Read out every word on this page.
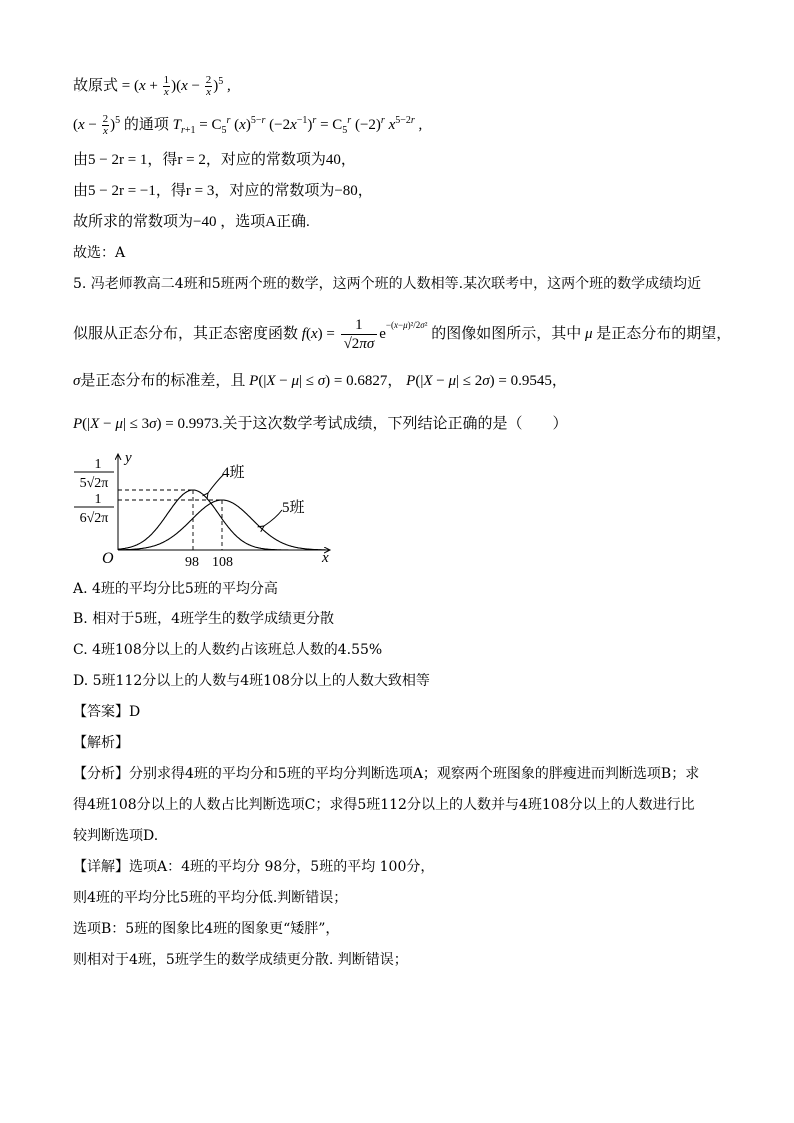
故原式 = $(x + \frac{1}{x} )(x - \frac{2}{x} )^5$ ,
$(x - \frac{2}{x} )^5$ 的通项 $T_{r+1} = C_5^r$ $(x)^{5-r}$ $(-2x^{-1})^r = C_5^r$ $(-2)^r$ $x^{5-2r}$ ,
由5 − 2r = 1，得r = 2，对应的常数项为40，
由5 − 2r = −1，得r = 3，对应的常数项为−80，
故所求的常数项为−40 ，选项A正确.
故选：A
5. 冯老师教高二4班和5班两个班的数学，这两个班的人数相等.某次联考中，这两个班的数学成绩均近
似服从正态分布，其正态密度函数 $f(x) = \frac{1}{√2\pi\sigma} e^{-(x-\mu)^2/2\sigma^2}$ 的图像如图所示，其中 μ 是正态分布的期望，
σ是正态分布的标准差，且 P(|X − μ| ≤ σ) = 0.6827， P(|X − μ| ≤ 2σ) = 0.9545，
P(|X − μ| ≤ 3σ) = 0.9973.关于这次数学考试成绩，下列结论正确的是（　　）
x
y
O
1
5√2π
1
6√2π
98 108
4班
5班
A. 4班的平均分比5班的平均分高
B. 相对于5班，4班学生的数学成绩更分散
C. 4班108分以上的人数约占该班总人数的4.55%
D. 5班112分以上的人数与4班108分以上的人数大致相等
【答案】D
【解析】
【分析】分别求得4班的平均分和5班的平均分判断选项A；观察两个班图象的胖瘦进而判断选项B；求
得4班108分以上的人数占比判断选项C；求得5班112分以上的人数并与4班108分以上的人数进行比
较判断选项D.
【详解】选项A：4班的平均分 98分，5班的平均 100分，
则4班的平均分比5班的平均分低.判断错误；
选项B：5班的图象比4班的图象更“矮胖”，
则相对于4班，5班学生的数学成绩更分散. 判断错误；
